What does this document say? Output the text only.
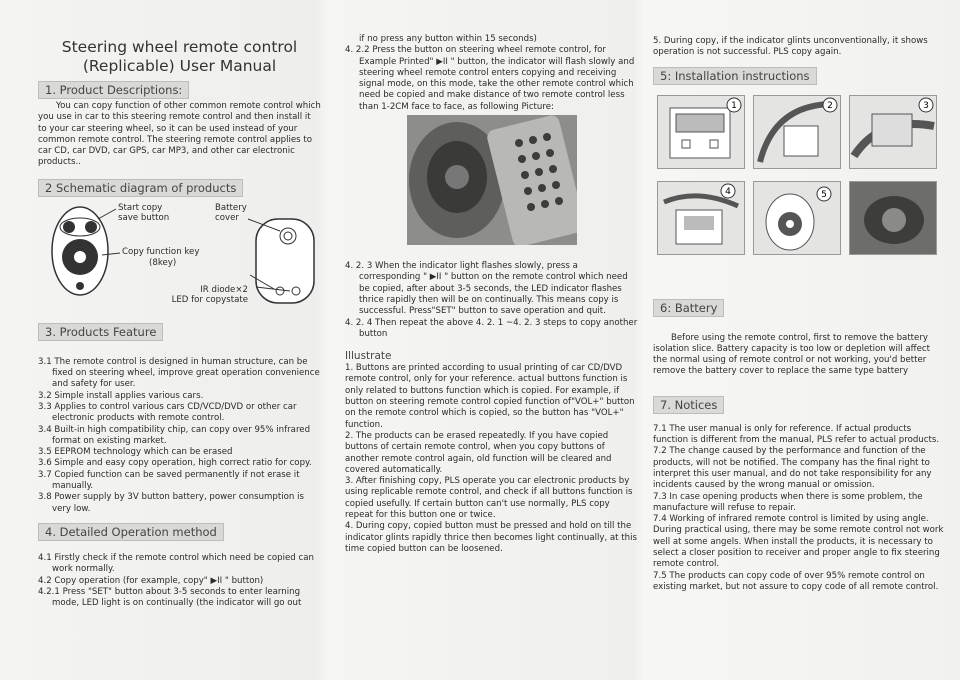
Steering wheel remote control
(Replicable) User Manual
1. Product Descriptions:

You can copy function of other common remote control which you use in car to this steering remote control and then install it to your car steering wheel, so it can be used instead of your common remote control. The steering remote control applies to car CD, car DVD, car GPS, car MP3, and other car electronic products..

2 Schematic diagram of products
Start copy
save button
Battery
cover
Copy function key
(8key)
IR diode×2
LED for copystate
3. Products Feature

3.1 The remote control is designed in human structure, can be fixed on steering wheel, improve great operation convenience and safety for user.

3.2 Simple install applies various cars.

3.3 Applies to control various cars CD/VCD/DVD or other car electronic products with remote control.

3.4 Built-in high compatibility chip, can copy over 95% infrared format on existing market.

3.5 EEPROM technology which can be erased

3.6 Simple and easy copy operation, high correct ratio for copy.

3.7 Copied function can be saved permanently if not erase it manually.

3.8 Power supply by 3V button battery, power consumption is very low.

4. Detailed Operation method

4.1 Firstly check if the remote control which need be copied can work normally.

4.2 Copy operation (for example, copy" ▶II " button)

4.2.1 Press "SET" button about 3-5 seconds to enter learning mode, LED light is on continually (the indicator will go out

if no press any button within 15 seconds)

4. 2.2 Press the button on steering wheel remote control, for Example Printed" ▶II " button, the indicator will flash slowly and steering wheel remote control enters copying and receiving signal mode, on this mode, take the other remote control which need be copied and make distance of two remote control less than 1-2CM face to face, as following Picture:

4. 2. 3 When the indicator light flashes slowly, press a corresponding " ▶II " button on the remote control which need be copied, after about 3-5 seconds, the LED indicator flashes thrice rapidly then will be on continually. This means copy is successful. Press"SET" button to save operation and quit.

4. 2. 4 Then repeat the above 4. 2. 1 ~4. 2. 3 steps to copy another button

Illustrate

1. Buttons are printed according to usual printing of car CD/DVD remote control, only for your reference. actual buttons function is only related to buttons function which is copied. For example, if button on steering remote control copied function of"VOL+" button on the remote control which is copied, so the button has "VOL+" function.

2. The products can be erased repeatedly. If you have copied buttons of certain remote control, when you copy buttons of another remote control again, old function will be cleared and covered automatically.

3. After finishing copy, PLS operate you car electronic products by using replicable remote control, and check if all buttons function is copied usefully. If certain button can't use normally, PLS copy repeat for this button one or twice.

4. During copy, copied button must be pressed and hold on till the indicator glints rapidly thrice then becomes light continually, at this time copied button can be loosened.

5. During copy, if the indicator glints unconventionally, it shows operation is not successful. PLS copy again.

5: Installation instructions
1	2	3
4	5
6: Battery

Before using the remote control, first to remove the battery isolation slice. Battery capacity is too low or depletion will affect the normal using of remote control or not working, you'd better remove the battery cover to replace the same type battery

7. Notices

7.1 The user manual is only for reference. If actual products function is different from the manual, PLS refer to actual products.

7.2 The change caused by the performance and function of the products, will not be notified. The company has the final right to interpret this user manual, and do not take responsibility for any incidents caused by the wrong manual or omission.

7.3 In case opening products when there is some problem, the manufacture will refuse to repair.

7.4 Working of infrared remote control is limited by using angle. During practical using, there may be some remote control not work well at some angels. When install the products, it is necessary to select a closer position to receiver and proper angle to fix steering remote control.

7.5 The products can copy code of over 95% remote control on existing market, but not assure to copy code of all remote control.
